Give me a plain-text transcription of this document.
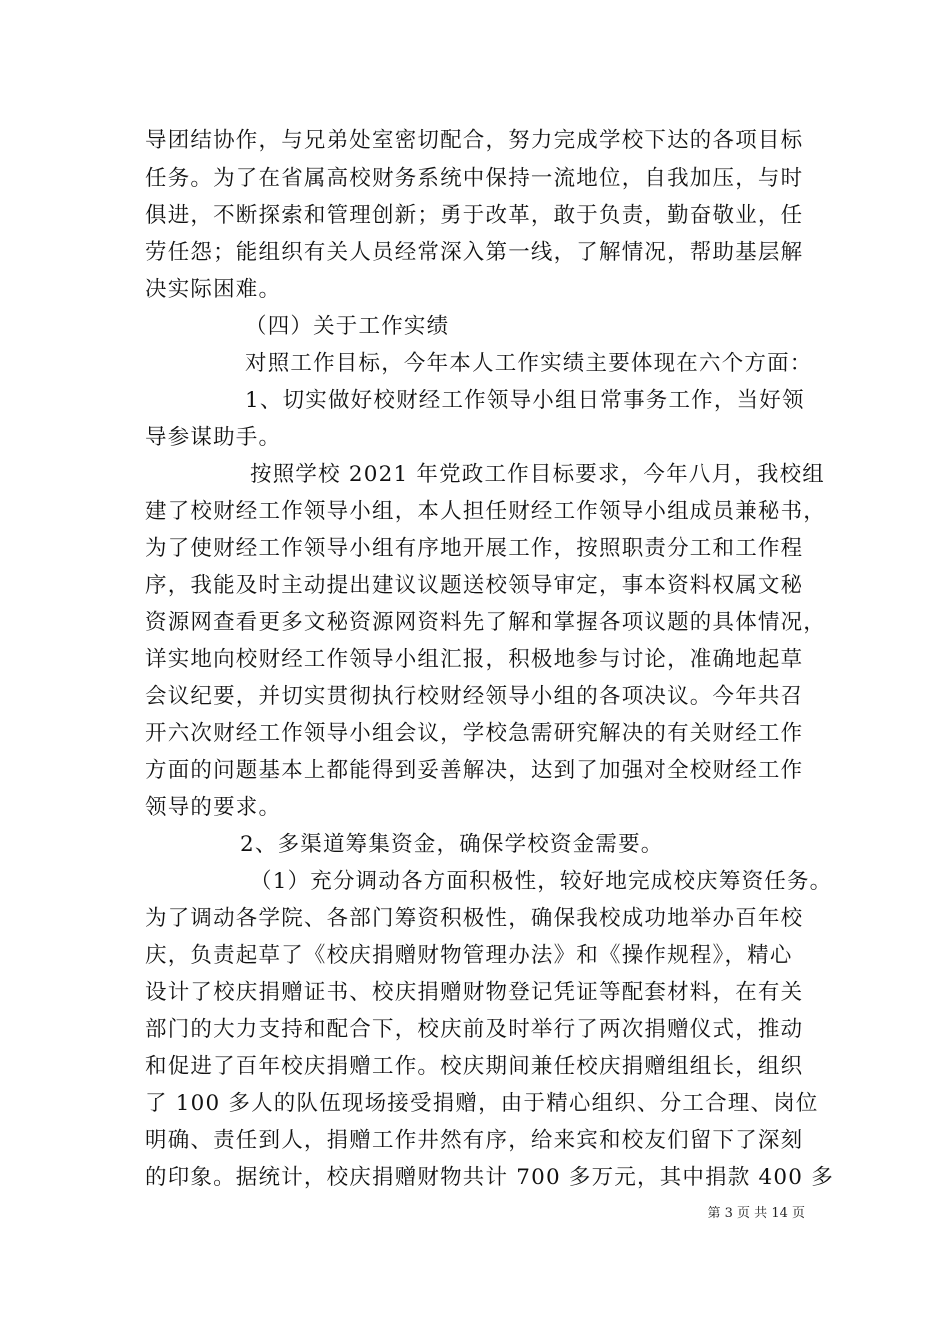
导团结协作，与兄弟处室密切配合，努力完成学校下达的各项目标
任务。为了在省属高校财务系统中保持一流地位，自我加压，与时
俱进，不断探索和管理创新；勇于改革，敢于负责，勤奋敬业，任
劳任怨；能组织有关人员经常深入第一线，了解情况，帮助基层解
决实际困难。
（四）关于工作实绩
对照工作目标，今年本人工作实绩主要体现在六个方面：
1、切实做好校财经工作领导小组日常事务工作，当好领
导参谋助手。
按照学校 2021 年党政工作目标要求，今年八月，我校组
建了校财经工作领导小组，本人担任财经工作领导小组成员兼秘书，
为了使财经工作领导小组有序地开展工作，按照职责分工和工作程
序，我能及时主动提出建议议题送校领导审定，事本资料权属文秘
资源网查看更多文秘资源网资料先了解和掌握各项议题的具体情况，
详实地向校财经工作领导小组汇报，积极地参与讨论，准确地起草
会议纪要，并切实贯彻执行校财经领导小组的各项决议。今年共召
开六次财经工作领导小组会议，学校急需研究解决的有关财经工作
方面的问题基本上都能得到妥善解决，达到了加强对全校财经工作
领导的要求。
2、多渠道筹集资金，确保学校资金需要。
（1）充分调动各方面积极性，较好地完成校庆筹资任务。
为了调动各学院、各部门筹资积极性，确保我校成功地举办百年校
庆，负责起草了《校庆捐赠财物管理办法》和《操作规程》，精心
设计了校庆捐赠证书、校庆捐赠财物登记凭证等配套材料，在有关
部门的大力支持和配合下，校庆前及时举行了两次捐赠仪式，推动
和促进了百年校庆捐赠工作。校庆期间兼任校庆捐赠组组长，组织
了 100 多人的队伍现场接受捐赠，由于精心组织、分工合理、岗位
明确、责任到人，捐赠工作井然有序，给来宾和校友们留下了深刻
的印象。据统计，校庆捐赠财物共计 700 多万元，其中捐款 400 多
第 3 页 共 14 页
